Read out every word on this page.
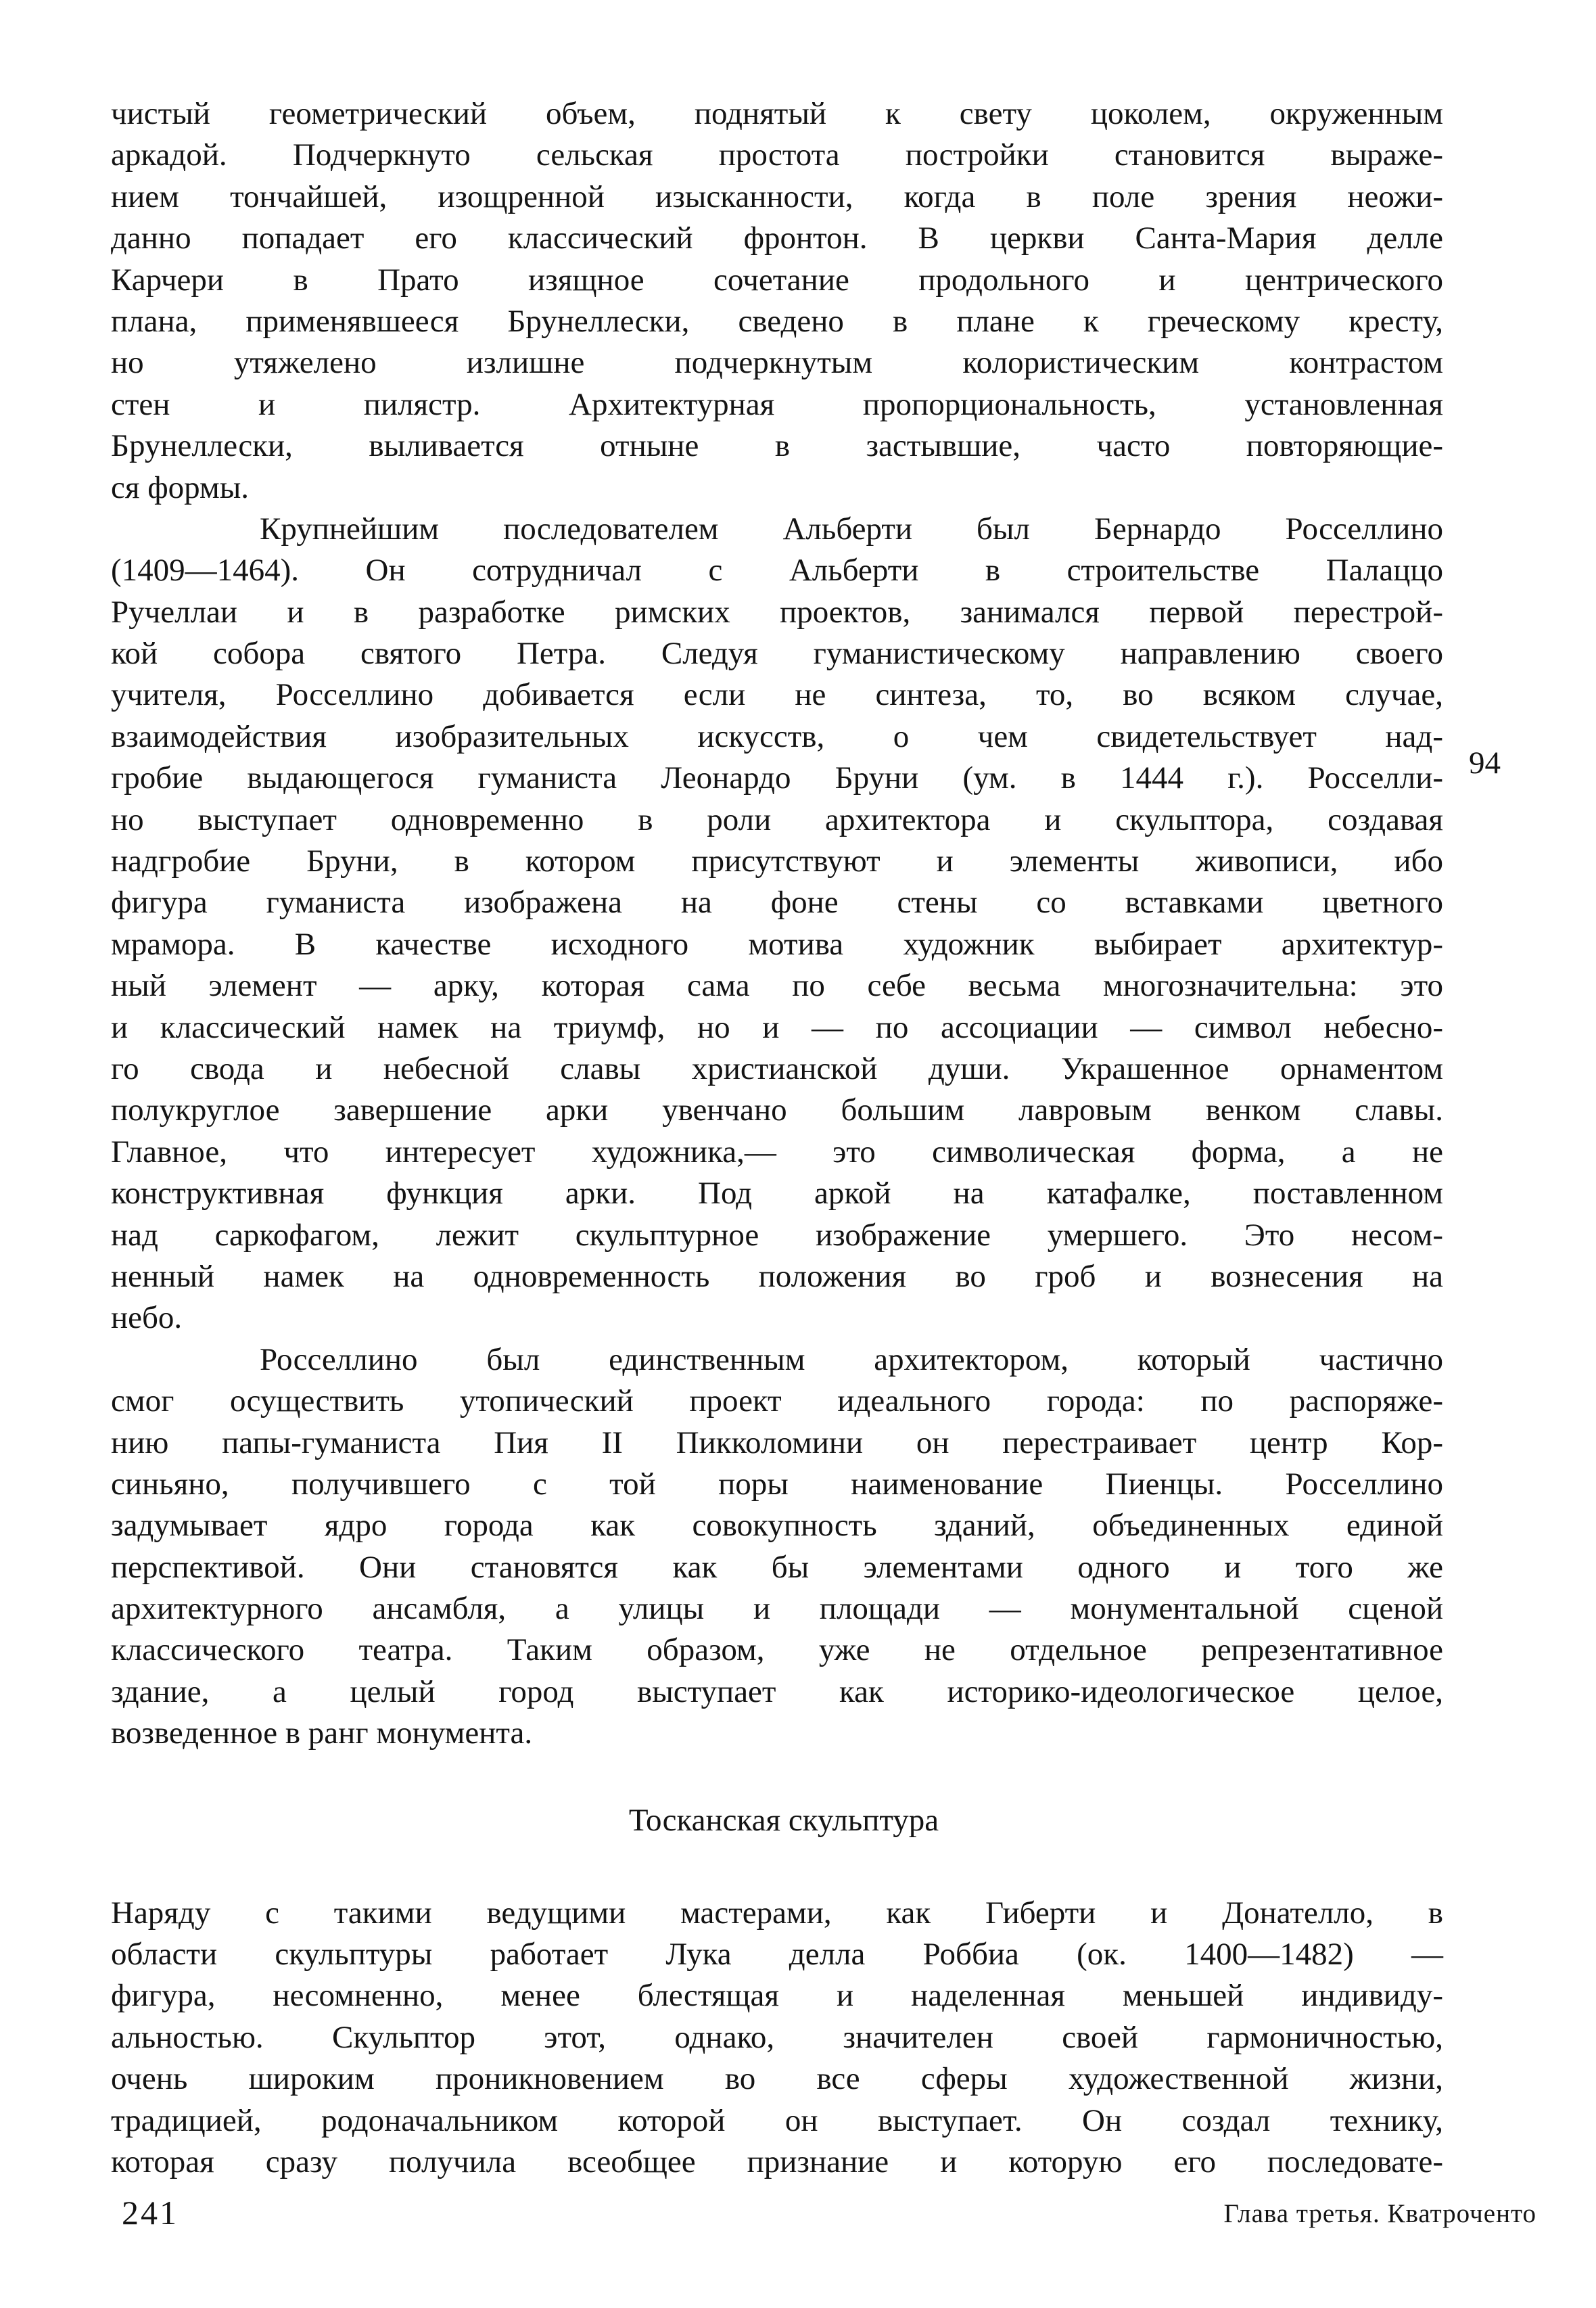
чистый геометрический объем, поднятый к свету цоколем, окруженным
аркадой. Подчеркнуто сельская простота постройки становится выраже-
нием тончайшей, изощренной изысканности, когда в поле зрения неожи-
данно попадает его классический фронтон. В церкви Санта-Мария делле
Карчери в Прато изящное сочетание продольного и центрического
плана, применявшееся Брунеллески, сведено в плане к греческому кресту,
но утяжелено излишне подчеркнутым колористическим контрастом
стен и пилястр. Архитектурная пропорциональность, установленная
Брунеллески, выливается отныне в застывшие, часто повторяющие-
ся формы.
Крупнейшим последователем Альберти был Бернардо Росселлино
(1409—1464). Он сотрудничал с Альберти в строительстве Палаццо
Ручеллаи и в разработке римских проектов, занимался первой перестрой-
кой собора святого Петра. Следуя гуманистическому направлению своего
учителя, Росселлино добивается если не синтеза, то, во всяком случае,
взаимодействия изобразительных искусств, о чем свидетельствует над-
гробие выдающегося гуманиста Леонардо Бруни (ум. в 1444 г.). Росселли-
но выступает одновременно в роли архитектора и скульптора, создавая
надгробие Бруни, в котором присутствуют и элементы живописи, ибо
фигура гуманиста изображена на фоне стены со вставками цветного
мрамора. В качестве исходного мотива художник выбирает архитектур-
ный элемент — арку, которая сама по себе весьма многозначительна: это
и классический намек на триумф, но и — по ассоциации — символ небесно-
го свода и небесной славы христианской души. Украшенное орнаментом
полукруглое завершение арки увенчано большим лавровым венком славы.
Главное, что интересует художника,— это символическая форма, а не
конструктивная функция арки. Под аркой на катафалке, поставленном
над саркофагом, лежит скульптурное изображение умершего. Это несом-
ненный намек на одновременность положения во гроб и вознесения на
небо.
Росселлино был единственным архитектором, который частично
смог осуществить утопический проект идеального города: по распоряже-
нию папы-гуманиста Пия II Пикколомини он перестраивает центр Кор-
синьяно, получившего с той поры наименование Пиенцы. Росселлино
задумывает ядро города как совокупность зданий, объединенных единой
перспективой. Они становятся как бы элементами одного и того же
архитектурного ансамбля, а улицы и площади — монументальной сценой
классического театра. Таким образом, уже не отдельное репрезентативное
здание, а целый город выступает как историко-идеологическое целое,
возведенное в ранг монумента.
Тосканская скульптура
Наряду с такими ведущими мастерами, как Гиберти и Донателло, в
области скульптуры работает Лука делла Роббиа (ок. 1400—1482) —
фигура, несомненно, менее блестящая и наделенная меньшей индивиду-
альностью. Скульптор этот, однако, значителен своей гармоничностью,
очень широким проникновением во все сферы художественной жизни,
традицией, родоначальником которой он выступает. Он создал технику,
которая сразу получила всеобщее признание и которую его последовате-
94
241	Глава третья. Кватроченто
